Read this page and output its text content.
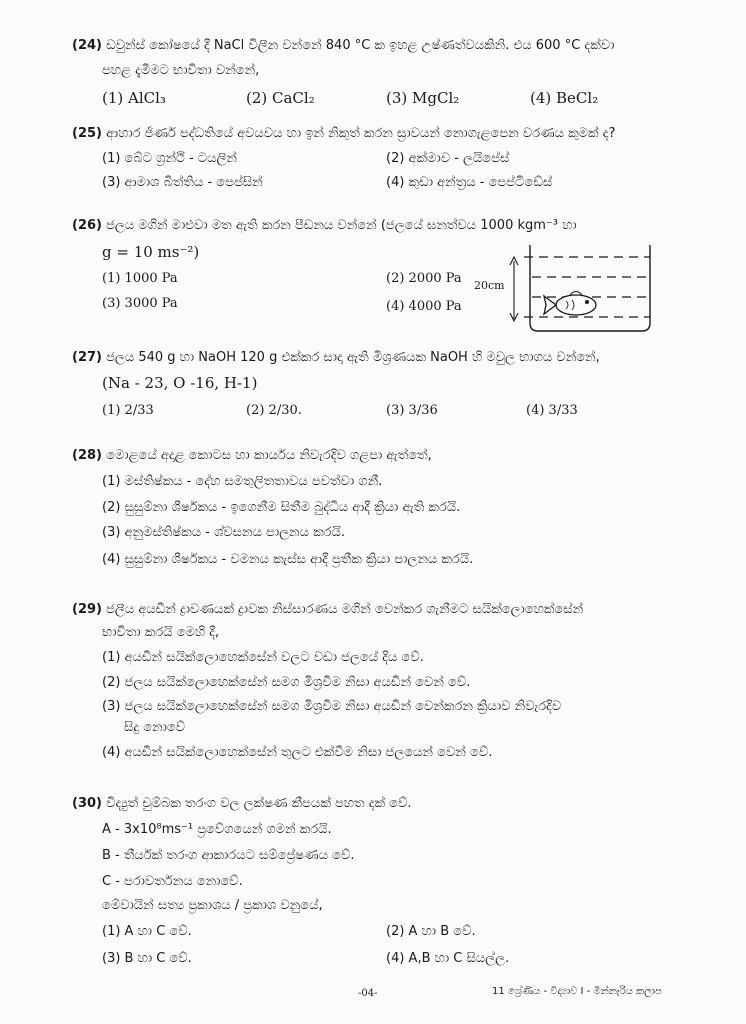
(24) ඩවුන්ස් කෝෂයේ දී NaCl විලීන වන්නේ 840 °C ක ඉහළ උෂ්ණත්වයකිනි. එය 600 °C දක්වා
පහළ දැමීමට භාවිතා වන්නේ,
(1) AlCl₃	(2) CaCl₂	(3) MgCl₂	(4) BeCl₂
(25) ආහාර ජිර්ණ පද්ධතියේ අවයවය හා ඉන් නිකුත් කරන ස්‍රාවයන් නොගැළපෙන වරණය කුමක් ද?
(1) බේට ග්‍රන්ථි - ටයලින්	(2) අක්මාව - ලයිපේස්
(3) ආමාශ බිත්තිය - පෙප්සින්	(4) කුඩා අන්ත්‍රය - පෙප්ටිඩේස්
(26) ජලය මගින් මාළුවා මත ඇති කරන පීඩනය වන්නේ (ජලයේ ඝනත්වය 1000 kgm⁻³ හා
g = 10 ms⁻²)
(1) 1000 Pa	(2) 2000 Pa
(3) 3000 Pa	(4) 4000 Pa
20cm
(27) ජලය 540 g හා NaOH 120 g එක්කර සාදා ඇති මිශ්‍රණයක NaOH හි මවුල භාගය වන්නේ,
(Na - 23, O -16, H-1)
(1) 2/33	(2) 2/30.	(3) 3/36	(4) 3/33
(28) මොළයේ අදාළ කොටස හා කාර්යය නිවැරදිව ගළපා ඇත්තේ,
(1) මස්තිෂ්කය - දේහ සමතුලිතතාවය පවත්වා ගනී.
(2) සුසුම්නා ශීර්ෂකය - ඉගෙනීම සිතීම බුද්ධිය ආදී ක්‍රියා ඇති කරයි.
(3) අනුමස්තිෂ්කය - ශ්වසනය පාලනය කරයි.
(4) සුසුම්නා ශීර්ෂකය - වමනය කැස්ස ආදී ප්‍රතීක ක්‍රියා පාලනය කරයි.
(29) ජලීය අයඩීන් ද්‍රාවණයක් ද්‍රාවක නිස්සාරණය මගින් වෙන්කර ගැනීමට සයික්ලොහෙක්සේන්
භාවිතා කරයි මෙහි දී,
(1) අයඩීන් සයික්ලොහෙක්සේන් වලට වඩා ජලයේ දිය වේ.
(2) ජලය සයික්ලොහෙක්සේන් සමග මිශ්‍රවීම නිසා අයඩීන් වෙන් වේ.
(3) ජලය සයික්ලොහෙක්සේන් සමග මිශ්‍රවීම නිසා අයඩීන් වෙන්කරන ක්‍රියාව නිවැරදිව
සිදු නොවේ
(4) අයඩීන් සයික්ලොහෙක්සේන් තුලට එක්වීම නිසා ජලයෙන් වෙන් වේ.
(30) විද්‍යුත් චුම්බක තරංග වල ලක්ෂණ කීපයක් පහත දක් වේ.
A - 3x10⁸ms⁻¹ ප්‍රවේගයෙන් ගමන් කරයි.
B - තීර්යක් තරංග ආකාරයට සම්ප්‍රේෂණය වේ.
C - පරාවර්තනය නොවේ.
මේවායින් සත්‍ය ප්‍රකාශය / ප්‍රකාශ වනුයේ,
(1) A හා C වේ.	(2) A හා B වේ.
(3) B හා C වේ.	(4) A,B හා C සියල්ල.
-04-	11 ශ්‍රේණිය - විද්‍යාව I - මින්නෑරිය කලාප
